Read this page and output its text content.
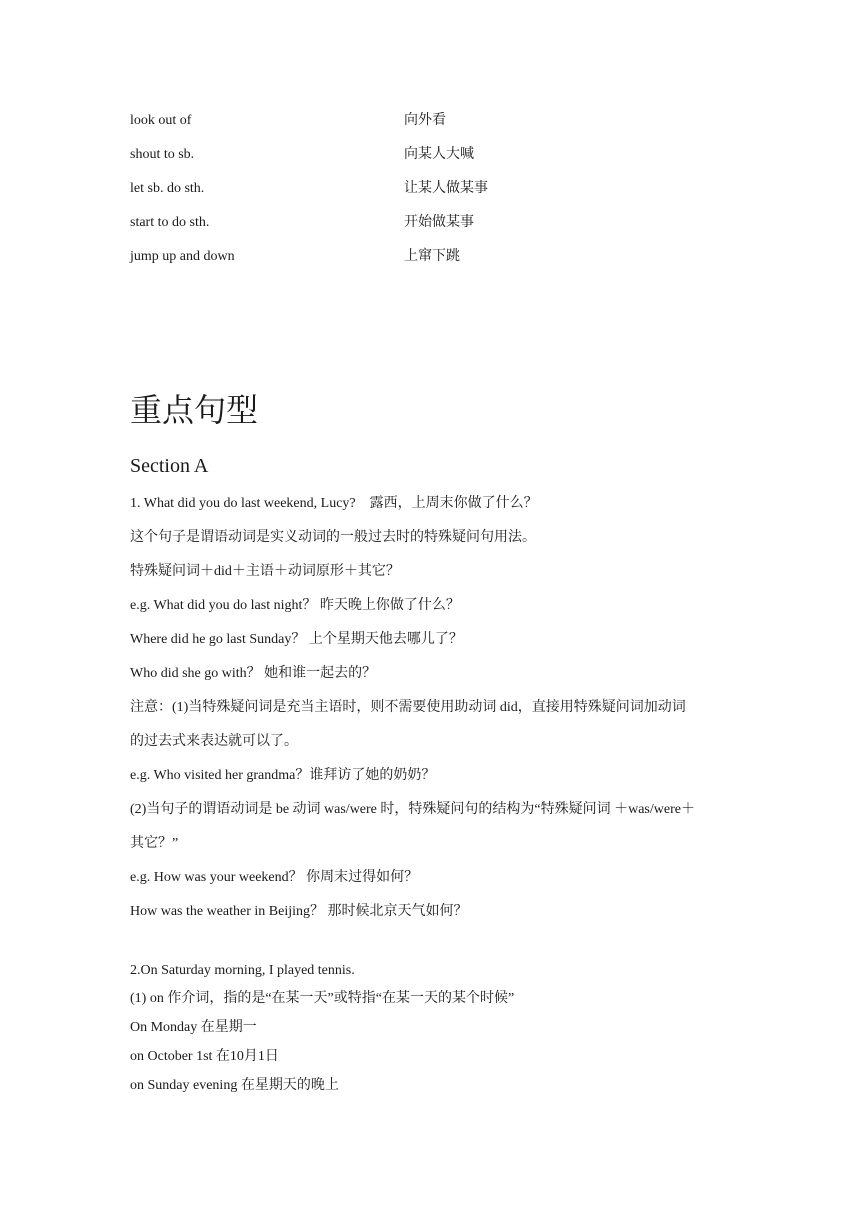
look out of	向外看
shout to sb.	向某人大喊
let sb. do sth.	让某人做某事
start to do sth.	开始做某事
jump up and down	上窜下跳
重点句型
Section A
1. What did you do last weekend, Lucy?　露西，上周末你做了什么？
这个句子是谓语动词是实义动词的一般过去时的特殊疑问句用法。
特殊疑问词＋did＋主语＋动词原形＋其它？
e.g. What did you do last night？ 昨天晚上你做了什么？
Where did he go last Sunday？ 上个星期天他去哪儿了？
Who did she go with？ 她和谁一起去的？
注意：(1)当特殊疑问词是充当主语时，则不需要使用助动词 did，直接用特殊疑问词加动词
的过去式来表达就可以了。
e.g. Who visited her grandma？谁拜访了她的奶奶？
(2)当句子的谓语动词是 be 动词 was/were 时，特殊疑问句的结构为“特殊疑问词 ＋was/were＋
其它？”
e.g. How was your weekend？ 你周末过得如何？
How was the weather in Beijing？ 那时候北京天气如何？
2.On Saturday morning, I played tennis.
(1) on 作介词，指的是“在某一天”或特指“在某一天的某个时候”
On Monday 在星期一
on October 1st 在10月1日
on Sunday evening 在星期天的晚上
